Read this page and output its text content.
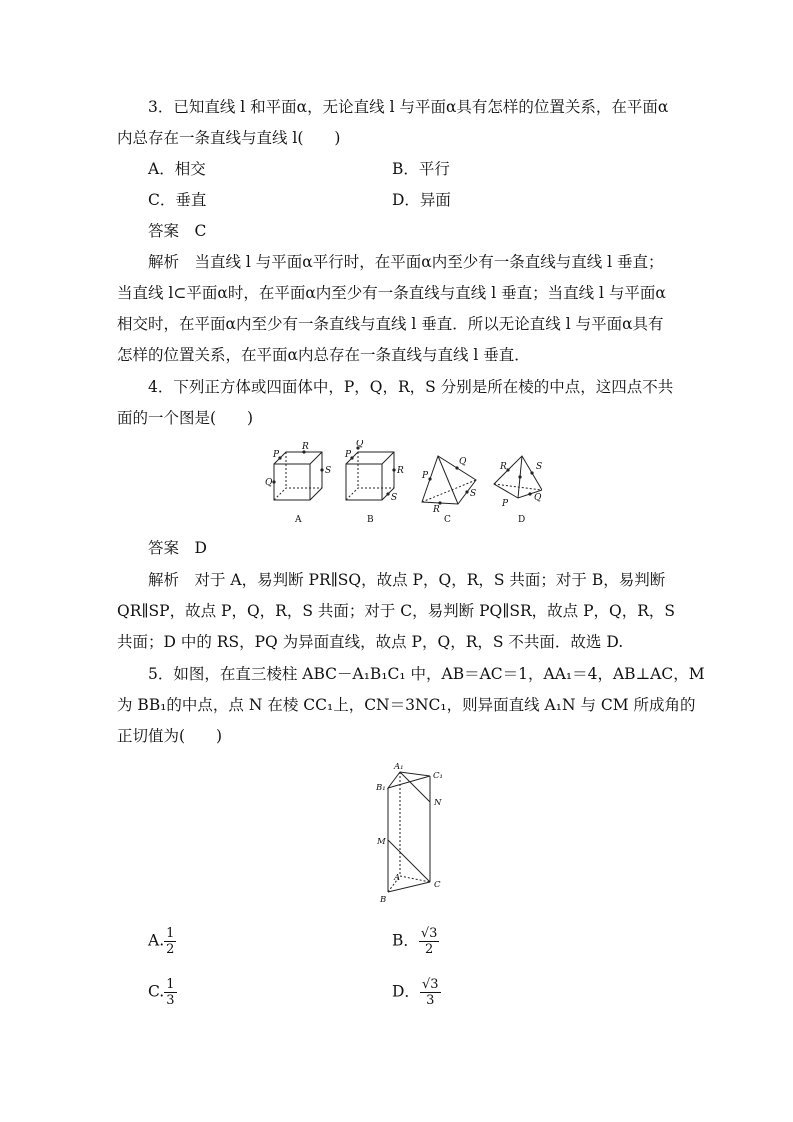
3．已知直线 l 和平面α，无论直线 l 与平面α具有怎样的位置关系，在平面α
内总存在一条直线与直线 l(　　)
A．相交	B．平行
C．垂直	D．异面
答案　C
解析　当直线 l 与平面α平行时，在平面α内至少有一条直线与直线 l 垂直；
当直线 l⊂平面α时，在平面α内至少有一条直线与直线 l 垂直；当直线 l 与平面α
相交时，在平面α内至少有一条直线与直线 l 垂直．所以无论直线 l 与平面α具有
怎样的位置关系，在平面α内总存在一条直线与直线 l 垂直．
4．下列正方体或四面体中，P，Q，R，S 分别是所在棱的中点，这四点不共
面的一个图是(　　)
P
R
S
Q
Q
P
R
S
P
Q
S
R
R	S
Q
P
A	B	C	D
答案　D
解析　对于 A，易判断 PR∥SQ，故点 P，Q，R，S 共面；对于 B，易判断
QR∥SP，故点 P，Q，R，S 共面；对于 C，易判断 PQ∥SR，故点 P，Q，R，S
共面；D 中的 RS，PQ 为异面直线，故点 P，Q，R，S 不共面．故选 D.
5．如图，在直三棱柱 ABC－A₁B₁C₁ 中，AB＝AC＝1，AA₁＝4，AB⊥AC，M
为 BB₁的中点，点 N 在棱 CC₁上，CN＝3NC₁，则异面直线 A₁N 与 CM 所成角的
正切值为(　　)
A₁
B₁
C₁
N
M
A
B
C
A. $\frac{1}{2}$	B． $\frac{√3}{2}$
C. $\frac{1}{3}$	D． $\frac{√3}{3}$
